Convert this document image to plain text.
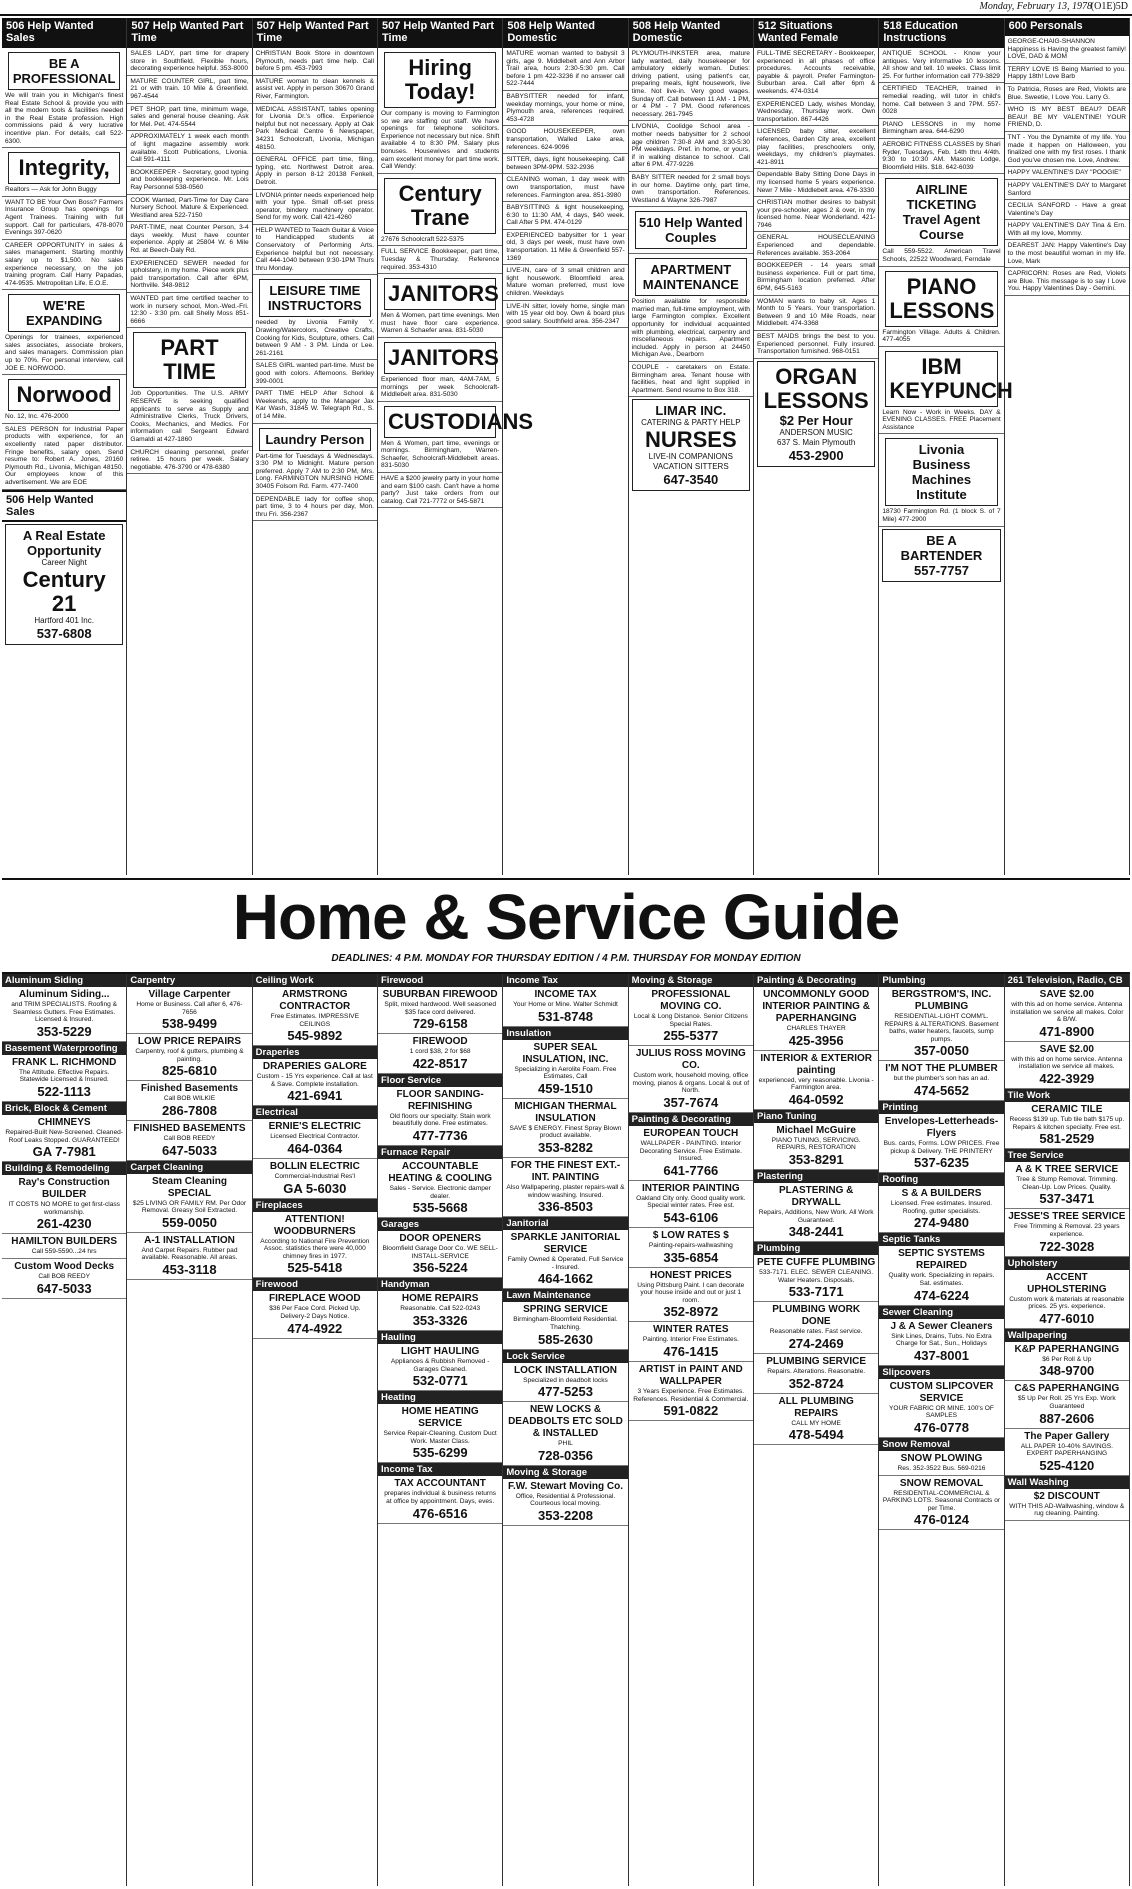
Monday, February 13, 1978
(O1E)5D
506 Help Wanted Sales
BE A PROFESSIONAL
We will train you in Michigan's finest Real Estate School & provide you with all the modern tools & facilities needed in the Real Estate profession. High commissions paid & very lucrative incentive plan. For details, call 522-6300.
Integrity,
Realtors — Ask for John Buggy
WANT TO BE Your Own Boss? Farmers Insurance Group has openings for Agent Trainees. Training with full support. Call for particulars, 478-8070 Evenings 397-0620
CAREER OPPORTUNITY in sales & sales management. Starting monthly salary up to $1,500. No sales experience necessary, on the job training program. Call Harry Papadas, 474-9535. Metropolitan Life. E.O.E.
WE'RE EXPANDING
Openings for trainees, experienced sales associates, associate brokers, and sales managers. Commission plan up to 70%. For personal interview, call JOE E. NORWOOD.
Norwood
No. 12, Inc. 476-2000
SALES PERSON for Industrial Paper products with experience, for an excellently rated paper distributor. Fringe benefits, salary open. Send resume to: Robert A. Jones, 20160 Plymouth Rd., Livonia, Michigan 48150. Our employees know of this advertisement. We are EOE
506 Help Wanted Sales
A Real Estate
Opportunity
Career Night
Century 21
Hartford 401 Inc.
537-6808
507 Help Wanted Part Time
SALES LADY, part time for drapery store in Southfield. Flexible hours, decorating experience helpful. 353-8000
MATURE COUNTER GIRL, part time, 21 or with train. 10 Mile & Greenfield. 967-4544
PET SHOP, part time, minimum wage, sales and general house cleaning. Ask for Mel. Pet. 474-5544
APPROXIMATELY 1 week each month of light magazine assembly work available. Scott Publications, Livonia. Call 591-4111
BOOKKEEPER - Secretary, good typing and bookkeeping experience. Mr. Lois Ray Personnel 538-0560
COOK Wanted, Part-Time for Day Care Nursery School. Mature & Experienced. Westland area 522-7150
PART-TIME, neat Counter Person, 3-4 days weekly. Must have counter experience. Apply at 25804 W. 6 Mile Rd. at Beech-Daly Rd.
EXPERIENCED SEWER needed for upholstery, in my home. Piece work plus paid transportation. Call after 6PM, Northville. 348-9812
WANTED part time certified teacher to work in nursery school, Mon.-Wed.-Fri. 12:30 - 3:30 pm. call Shelly Moss 851-6666
PART TIME
Job Opportunities. The U.S. ARMY RESERVE is seeking qualified applicants to serve as Supply and Administrative Clerks, Truck Drivers, Cooks, Mechanics, and Medics. For information call Sergeant Edward Gamaldi at 427-1860
CHURCH cleaning personnel, prefer retiree. 15 hours per week. Salary negotiable. 476-3790 or 478-6380
507 Help Wanted Part Time
CHRISTIAN Book Store in downtown Plymouth, needs part time help. Call before 5 pm. 453-7993
MATURE woman to clean kennels & assist vet. Apply in person 30670 Grand River, Farmington.
MEDICAL ASSISTANT, tables opening for Livonia Dr.'s office. Experience helpful but not necessary. Apply at Oak Park Medical Centre 6 Newspaper, 34231 Schoolcraft, Livonia, Michigan 48150.
GENERAL OFFICE part time, filing, typing, etc. Northwest Detroit area. Apply in person 8-12 20138 Fenkell, Detroit.
LIVONIA printer needs experienced help with your type. Small off-set press operator, bindery machinery operator. Send for my work. Call 421-4260
HELP WANTED to Teach Guitar & Voice to Handicapped students at Conservatory of Performing Arts. Experience helpful but not necessary. Call 444-1040 between 9:30-1PM Thurs thru Monday.
LEISURE TIME INSTRUCTORS
needed by Livonia Family Y. Drawing/Watercolors, Creative Crafts, Cooking for Kids, Sculpture, others. Call between 9 AM - 3 PM. Linda or Lee. 261-2161
SALES GIRL wanted part-time. Must be good with colors. Afternoons. Berkley 399-0001
PART TIME HELP After School & Weekends, apply to the Manager Jax Kar Wash, 31845 W. Telegraph Rd., S. of 14 Mile.
Laundry Person
Part-time for Tuesdays & Wednesdays. 3:30 PM to Midnight. Mature person preferred. Apply 7 AM to 2:30 PM, Mrs. Long. FARMINGTON NURSING HOME 30405 Folsom Rd. Farm. 477-7400
DEPENDABLE lady for coffee shop, part time, 3 to 4 hours per day, Mon. thru Fri. 356-2367
507 Help Wanted Part Time
Hiring Today!
Our company is moving to Farmington so we are staffing our staff. We have openings for telephone solicitors. Experience not necessary but nice. Shift available 4 to 8:30 PM. Salary plus bonuses. Housewives and students earn excellent money for part time work. Call Wendy:
Century Trane
27676 Schoolcraft 522-5375
FULL SERVICE Bookkeeper, part time, Tuesday & Thursday. Reference required. 353-4310
JANITORS
Men & Women, part time evenings. Men must have floor care experience. Warren & Schaefer area. 831-5030
JANITORS
Experienced floor man, 4AM-7AM, 5 mornings per week Schoolcraft-Middlebelt area. 831-5030
CUSTODIANS
Men & Women, part time, evenings or mornings. Birmingham, Warren-Schaefer, Schoolcraft-Middlebelt areas. 831-5030
HAVE a $200 jewelry party in your home and earn $100 cash. Can't have a home party? Just take orders from our catalog. Call 721-7772 or 545-5871
508 Help Wanted Domestic
MATURE woman wanted to babysit 3 girls, age 9. Middlebelt and Ann Arbor Trail area, hours 2:30-5:30 pm. Call before 1 pm 422-3236 if no answer call 522-7444
BABYSITTER needed for infant, weekday mornings, your home or mine, Plymouth area, references required. 453-4728
GOOD HOUSEKEEPER, own transportation, Walled Lake area, references. 624-9096
SITTER, days, light housekeeping. Call between 3PM-9PM. 532-2936
CLEANING woman, 1 day week with own transportation, must have references. Farmington area. 851-3980
BABYSITTING & light housekeeping, 6:30 to 11:30 AM, 4 days, $40 week. Call After 5 PM. 474-0129
EXPERIENCED babysitter for 1 year old, 3 days per week, must have own transportation. 11 Mile & Greenfield 557-1369
LIVE-IN, care of 3 small children and light housework. Bloomfield area. Mature woman preferred, must love children. Weekdays
LIVE-IN sitter, lovely home, single man with 15 year old boy. Own & board plus good salary. Southfield area. 356-2347
508 Help Wanted Domestic
PLYMOUTH-INKSTER area, mature lady wanted, daily housekeeper for ambulatory elderly woman. Duties: driving patient, using patient's car, preparing meals, light housework, live time. Not live-in. Very good wages. Sunday off. Call between 11 AM - 1 PM, or 4 PM - 7 PM. Good references necessary. 261-7945
LIVONIA, Coolidge School area - mother needs babysitter for 2 school age children 7:30-8 AM and 3:30-5:30 PM weekdays. Pref. in home, or yours, if in walking distance to school. Call after 6 PM. 477-9226
BABY SITTER needed for 2 small boys in our home. Daytime only, part time, own transportation. References. Westland & Wayne 326-7987
510 Help Wanted Couples
APARTMENT MAINTENANCE
Position available for responsible married man, full-time employment, with large Farmington complex. Excellent opportunity for individual acquainted with plumbing, electrical, carpentry and miscellaneous repairs. Apartment included. Apply in person at 24450 Michigan Ave., Dearborn
COUPLE - caretakers on Estate. Birmingham area. Tenant house with facilities, heat and light supplied in Apartment. Send resume to Box 318.
LIMAR INC.
CATERING & PARTY HELP
NURSES
LIVE-IN COMPANIONS VACATION SITTERS
647-3540
512 Situations Wanted Female
FULL-TIME SECRETARY - Bookkeeper, experienced in all phases of office procedures. Accounts receivable, payable & payroll. Prefer Farmington-Suburban area. Call after 6pm & weekends. 474-0314
EXPERIENCED Lady, wishes Monday, Wednesday, Thursday work. Own transportation. 867-4426
LICENSED baby sitter, excellent references, Garden City area, excellent play facilities, preschoolers only, weekdays, my children's playmates. 421-8911
Dependable Baby Sitting Done Days in my licensed home 5 years experience. Newr 7 Mile - Middlebelt area. 476-3330
CHRISTIAN mother desires to babysit your pre-schooler, ages 2 & over, in my licensed home. Near Wonderland. 421-7946
GENERAL HOUSECLEANING Experienced and dependable. References available. 353-2064
BOOKKEEPER - 14 years small business experience. Full or part time, Birmingham location preferred. After 6PM, 645-5163
WOMAN wants to baby sit. Ages 1 Month to 5 Years. Your transportation. Between 9 and 10 Mile Roads, near Middlebelt. 474-3368
BEST MAIDS brings the best to you. Experienced personnel. Fully insured. Transportation furnished. 968-0151
ORGAN LESSONS
$2 Per Hour
ANDERSON MUSIC
637 S. Main Plymouth
453-2900
518 Education Instructions
ANTIQUE SCHOOL - Know your antiques. Very informative 10 lessons. All show and tell. 10 weeks. Class limit 25. For further information call 779-3829
CERTIFIED TEACHER, trained in remedial reading, will tutor in child's home. Call between 3 and 7PM. 557-0028
PIANO LESSONS in my home Birmingham area. 644-6290
AEROBIC FITNESS CLASSES by Shari Ryder, Tuesdays, Feb. 14th thru 4/4th. 9:30 to 10:30 AM. Masonic Lodge, Bloomfield Hills. $18. 642-6039
AIRLINE TICKETING Travel Agent Course
Call 559-5522. American Travel Schools, 22522 Woodward, Ferndale
PIANO LESSONS
Farmington Village. Adults & Children. 477-4055
IBM KEYPUNCH
Learn Now - Work in Weeks. DAY & EVENING CLASSES. FREE Placement Assistance
Livonia Business Machines Institute
18730 Farmington Rd. (1 block S. of 7 Mile) 477-2900
BE A BARTENDER
557-7757
600 Personals
GEORGE-CHAIG-SHANNON Happiness is Having the greatest family! LOVE, DAD & MOM
TERRY LOVE IS Being Married to you. Happy 18th! Love Barb
To Patricia, Roses are Red, Violets are Blue. Sweetie, I Love You. Larry G.
WHO IS MY BEST BEAU? DEAR BEAU! BE MY VALENTINE! YOUR FRIEND, D.
TNT - You the Dynamite of my life. You made it happen on Halloween, you finalized one with my first roses. I thank God you've chosen me. Love, Andrew.
HAPPY VALENTINE'S DAY "POOGIE"
HAPPY VALENTINE'S DAY to Margaret Sanford
CECILIA SANFORD - Have a great Valentine's Day
HAPPY VALENTINE'S DAY Tina & Ern. With all my love, Mommy.
DEAREST JAN: Happy Valentine's Day to the most beautiful woman in my life. Love, Mark
CAPRICORN: Roses are Red, Violets are Blue. This message is to say I Love You. Happy Valentines Day - Gemini.
Home & Service Guide
DEADLINES: 4 P.M. MONDAY FOR THURSDAY EDITION / 4 P.M. THURSDAY FOR MONDAY EDITION
Aluminum Siding
Aluminum Siding...
and TRIM SPECIALISTS. Roofing & Seamless Gutters. Free Estimates. Licensed & Insured.
353-5229
Basement Waterproofing
FRANK L. RICHMOND
The Attitude. Effective Repairs. Statewide Licensed & Insured.
522-1113
Brick, Block & Cement
CHIMNEYS
Repaired-Built New-Screened. Cleaned-Roof Leaks Stopped. GUARANTEED!
GA 7-7981
Building & Remodeling
Ray's Construction BUILDER
IT COSTS NO MORE to get first-class workmanship.
261-4230
HAMILTON BUILDERS
Call 559-5590...24 hrs
Custom Wood Decks
Call BOB REEDY
647-5033
Carpentry
Village Carpenter
Home or Business. Call after 6, 476-7656
538-9499
LOW PRICE REPAIRS
Carpentry, roof & gutters, plumbing & painting.
825-6810
Finished Basements
Call BOB WILKIE
286-7808
FINISHED BASEMENTS
Call BOB REEDY
647-5033
Carpet Cleaning
Steam Cleaning SPECIAL
$25 LIVING OR FAMILY RM. Per Odor Removal. Greasy Soil Extracted.
559-0050
A-1 INSTALLATION
And Carpet Repairs. Rubber pad available. Reasonable. All areas.
453-3118
Ceiling Work
ARMSTRONG CONTRACTOR
Free Estimates. IMPRESSIVE CEILINGS
545-9892
Draperies
DRAPERIES GALORE
Custom - 15 Yrs experience. Call at last & Save. Complete installation.
421-6941
Electrical
ERNIE'S ELECTRIC
Licensed Electrical Contractor.
464-0364
BOLLIN ELECTRIC
Commercial-Industrial Res'l
GA 5-6030
Fireplaces
ATTENTION! WOODBURNERS
According to National Fire Prevention Assoc. statistics there were 40,000 chimney fires in 1977.
525-5418
Firewood
FIREPLACE WOOD
$36 Per Face Cord. Picked Up. Delivery-2 Days Notice.
474-4922
Firewood
SUBURBAN FIREWOOD
Split, mixed hardwood. Well seasoned $35 face cord delivered.
729-6158
FIREWOOD
1 cord $38, 2 for $68
422-8517
Floor Service
FLOOR SANDING-REFINISHING
Old floors our specialty. Stain work beautifully done. Free estimates.
477-7736
Furnace Repair
ACCOUNTABLE HEATING & COOLING
Sales - Service. Electronic damper dealer.
535-5668
Garages
DOOR OPENERS
Bloomfield Garage Door Co. WE SELL-INSTALL-SERVICE
356-5224
Handyman
HOME REPAIRS
Reasonable. Call 522-0243
353-3326
Hauling
LIGHT HAULING
Appliances & Rubbish Removed - Garages Cleaned.
532-0771
Heating
HOME HEATING SERVICE
Service Repair-Cleaning. Custom Duct Work. Master Class.
535-6299
Income Tax
TAX ACCOUNTANT
prepares individual & business returns at office by appointment. Days, eves.
476-6516
Income Tax
INCOME TAX
Your Home or Mine. Walter Schmidt
531-8748
Insulation
SUPER SEAL INSULATION, INC.
Specializing in Aerolite Foam. Free Estimates, Call
459-1510
MICHIGAN THERMAL INSULATION
SAVE $ ENERGY. Finest Spray Blown product available.
353-8282
FOR THE FINEST EXT.-INT. PAINTING
Also Wallpapering, plaster repairs-wall & window washing. Insured.
336-8503
Janitorial
SPARKLE JANITORIAL SERVICE
Family Owned & Operated. Full Service - Insured.
464-1662
Lawn Maintenance
SPRING SERVICE
Birmingham-Bloomfield Residential. Thatching.
585-2630
Lock Service
LOCK INSTALLATION
Specialized in deadbolt locks
477-5253
NEW LOCKS & DEADBOLTS ETC SOLD & INSTALLED
PHIL
728-0356
Moving & Storage
F.W. Stewart Moving Co.
Office, Residential & Professional. Courteous local moving.
353-2208
Moving & Storage
PROFESSIONAL MOVING CO.
Local & Long Distance. Senior Citizens Special Rates.
255-5377
JULIUS ROSS MOVING CO.
Custom work, household moving, office moving, pianos & organs. Local & out of North.
357-7674
Painting & Decorating
EUROPEAN TOUCH
WALLPAPER - PAINTING. Interior Decorating Service. Free Estimate. Insured.
641-7766
INTERIOR PAINTING
Oakland City only. Good quality work. Special winter rates. Free est.
543-6106
$ LOW RATES $
Painting-repairs-wallwashing
335-6854
HONEST PRICES
Using Pittsburg Paint. I can decorate your house inside and out or just 1 room.
352-8972
WINTER RATES
Painting. Interior Free Estimates.
476-1415
ARTIST in PAINT AND WALLPAPER
3 Years Experience. Free Estimates. References. Residential & Commercial.
591-0822
Painting & Decorating
UNCOMMONLY GOOD INTERIOR PAINTING & PAPERHANGING
CHARLES THAYER
425-3956
INTERIOR & EXTERIOR painting
experienced, very reasonable. Livonia - Farmington area.
464-0592
Piano Tuning
Michael McGuire
PIANO TUNING, SERVICING. REPAIRS, RESTORATION
353-8291
Plastering
PLASTERING & DRYWALL
Repairs, Additions, New Work. All Work Guaranteed.
348-2441
Plumbing
PETE CUFFE PLUMBING
533-7171. ELEC. SEWER CLEANING. Water Heaters. Disposals.
533-7171
PLUMBING WORK DONE
Reasonable rates. Fast service.
274-2469
PLUMBING SERVICE
Repairs. Alterations. Reasonable.
352-8724
ALL PLUMBING REPAIRS
CALL MY HOME
478-5494
Plumbing
BERGSTROM'S, INC. PLUMBING
RESIDENTIAL-LIGHT COMM'L. REPAIRS & ALTERATIONS. Basement baths, water heaters, faucets, sump pumps.
357-0050
I'M NOT THE PLUMBER
but the plumber's son has an ad.
474-5652
Printing
Envelopes-Letterheads-Flyers
Bus. cards, Forms. LOW PRICES. Free pickup & Delivery. THE PRINTERY
537-6235
Roofing
S & A BUILDERS
Licensed. Free estimates. Insured. Roofing, gutter specialists.
274-9480
Septic Tanks
SEPTIC SYSTEMS REPAIRED
Quality work. Specializing in repairs. Sat. estimates.
474-6224
Sewer Cleaning
J & A Sewer Cleaners
Sink Lines, Drains, Tubs. No Extra Charge for Sat., Sun., Holidays
437-8001
Slipcovers
CUSTOM SLIPCOVER SERVICE
YOUR FABRIC OR MINE. 100's OF SAMPLES
476-0778
Snow Removal
SNOW PLOWING
Res. 352-3522 Bus. 569-0216
SNOW REMOVAL
RESIDENTIAL-COMMERCIAL & PARKING LOTS. Seasonal Contracts or per Time.
476-0124
261 Television, Radio, CB
SAVE $2.00
with this ad on home service. Antenna installation we service all makes. Color & B/W.
471-8900
SAVE $2.00
with this ad on home service. Antenna installation we service all makes.
422-3929
Tile Work
CERAMIC TILE
Recess $139 up. Tub tile bath $175 up. Repairs & kitchen specialty. Free est.
581-2529
Tree Service
A & K TREE SERVICE
Tree & Stump Removal. Trimming. Clean-Up. Low Prices. Quality.
537-3471
JESSE'S TREE SERVICE
Free Trimming & Removal. 23 years experience.
722-3028
Upholstery
ACCENT UPHOLSTERING
Custom work & materials at reasonable prices. 25 yrs. experience.
477-6010
Wallpapering
K&P PAPERHANGING
$6 Per Roll & Up
348-9700
C&S PAPERHANGING
$5 Up Per Roll. 25 Yrs Exp. Work Guaranteed
887-2606
The Paper Gallery
ALL PAPER 10-40% SAVINGS. EXPERT PAPERHANGING
525-4120
Wall Washing
$2 DISCOUNT
WITH THIS AD-Wallwashing, window & rug cleaning. Painting.
